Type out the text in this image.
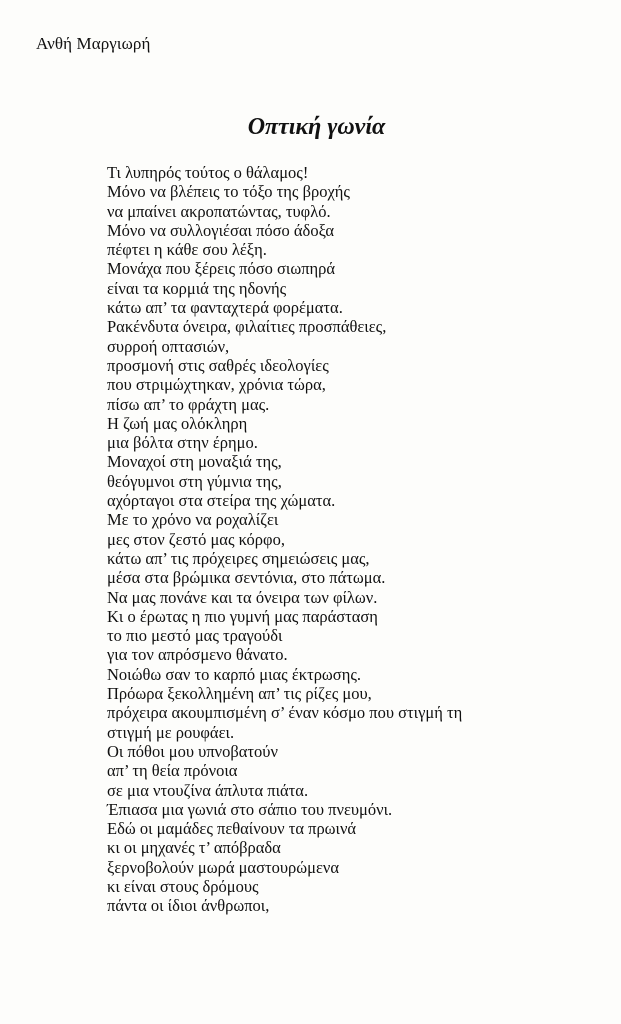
Ανθή Μαργιωρή
Οπτική γωνία
Τι λυπηρός τούτος ο θάλαμος!
Μόνο να βλέπεις το τόξο της βροχής
να μπαίνει ακροπατώντας, τυφλό.
Μόνο να συλλογιέσαι πόσο άδοξα
πέφτει η κάθε σου λέξη.
Μονάχα που ξέρεις πόσο σιωπηρά
είναι τα κορμιά της ηδονής
κάτω απ’ τα φανταχτερά φορέματα.
Ρακένδυτα όνειρα, φιλαίτιες προσπάθειες,
συρροή οπτασιών,
προσμονή στις σαθρές ιδεολογίες
που στριμώχτηκαν, χρόνια τώρα,
πίσω απ’ το φράχτη μας.
Η ζωή μας ολόκληρη
μια βόλτα στην έρημο.
Μοναχοί στη μοναξιά της,
θεόγυμνοι στη γύμνια της,
αχόρταγοι στα στείρα της χώματα.
Με το χρόνο να ροχαλίζει
μες στον ζεστό μας κόρφο,
κάτω απ’ τις πρόχειρες σημειώσεις μας,
μέσα στα βρώμικα σεντόνια, στο πάτωμα.
Να μας πονάνε και τα όνειρα των φίλων.
Κι ο έρωτας η πιο γυμνή μας παράσταση
το πιο μεστό μας τραγούδι
για τον απρόσμενο θάνατο.
Νοιώθω σαν το καρπό μιας έκτρωσης.
Πρόωρα ξεκολλημένη απ’ τις ρίζες μου,
πρόχειρα ακουμπισμένη σ’ έναν κόσμο που στιγμή τη
στιγμή με ρουφάει.
Οι πόθοι μου υπνοβατούν
απ’ τη θεία πρόνοια
σε μια ντουζίνα άπλυτα πιάτα.
Έπιασα μια γωνιά στο σάπιο του πνευμόνι.
Εδώ οι μαμάδες πεθαίνουν τα πρωινά
κι οι μηχανές τ’ απόβραδα
ξερνοβολούν μωρά μαστουρώμενα
κι είναι στους δρόμους
πάντα οι ίδιοι άνθρωποι,
